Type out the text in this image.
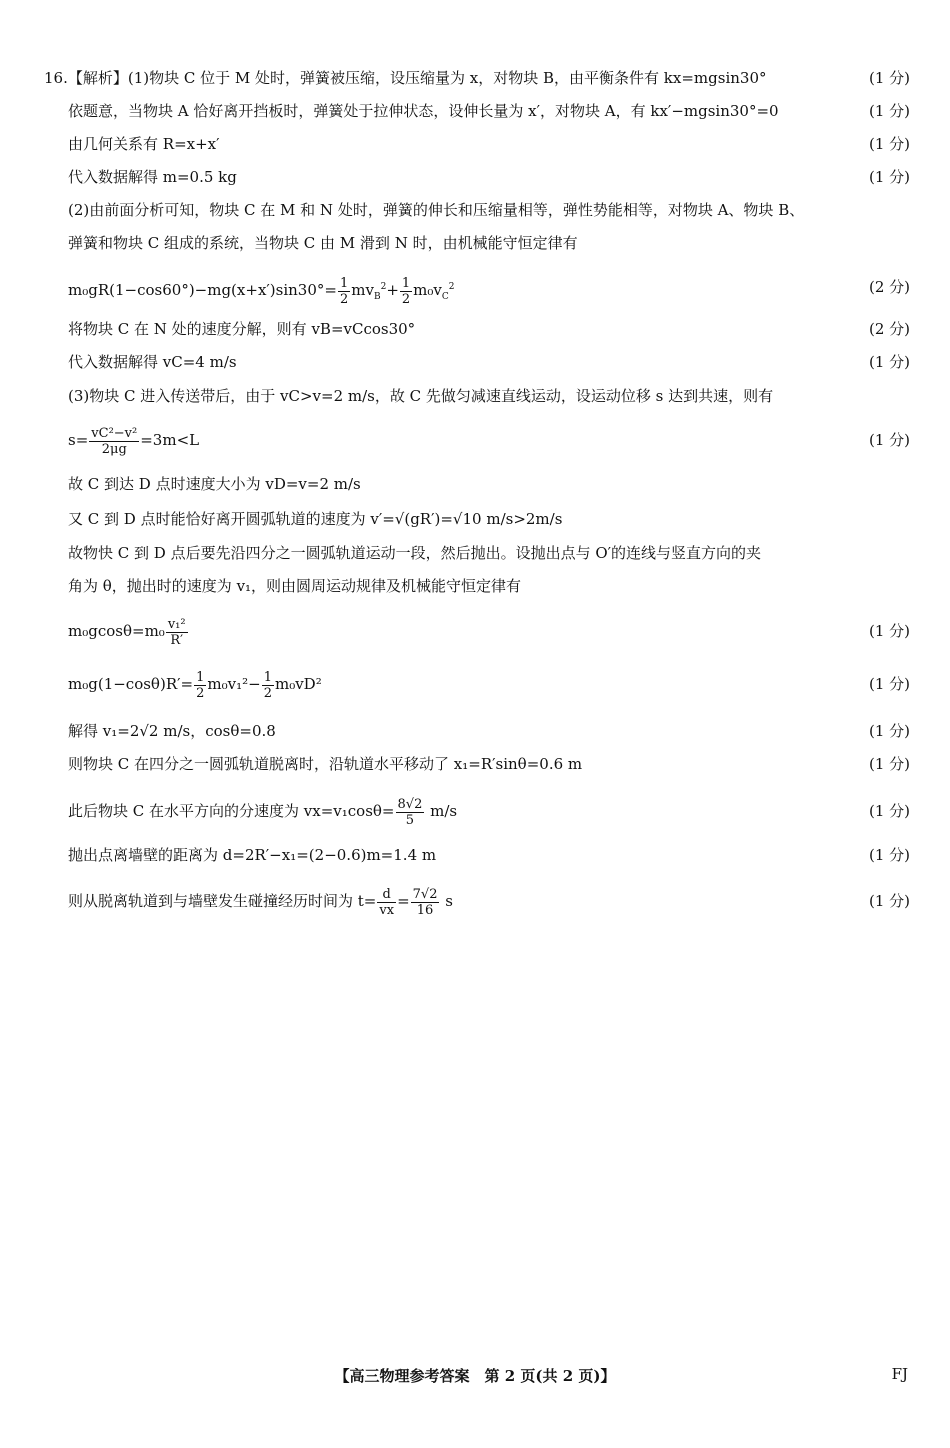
16.【解析】(1)物块 C 位于 M 处时，弹簧被压缩，设压缩量为 x，对物块 B，由平衡条件有 kx=mgsin30°	(1 分)
依题意，当物块 A 恰好离开挡板时，弹簧处于拉伸状态，设伸长量为 x′，对物块 A，有 kx′−mgsin30°=0	(1 分)
由几何关系有 R=x+x′	(1 分)
代入数据解得 m=0.5 kg	(1 分)
(2)由前面分析可知，物块 C 在 M 和 N 处时，弹簧的伸长和压缩量相等，弹性势能相等，对物块 A、物块 B、
弹簧和物块 C 组成的系统，当物块 C 由 M 滑到 N 时，由机械能守恒定律有
$m_0gR(1-\cos 60^\circ)-mg(x+x')\sin 30^\circ= \frac{1}{2} mv_B^2+ \frac{1}{2} m_0v_C^2$	(2 分)
将物块 C 在 N 处的速度分解，则有 vB=vCcos30°	(2 分)
代入数据解得 vC=4 m/s	(1 分)
(3)物块 C 进入传送带后，由于 vC>v=2 m/s，故 C 先做匀减速直线运动，设运动位移 s 达到共速，则有
$s= \frac{\text{vC²−v²}}{2\mu g} =3m<L$	(1 分)
故 C 到达 D 点时速度大小为 vD=v=2 m/s
又 C 到 D 点时能恰好离开圆弧轨道的速度为 v′=√(gR′)=√10 m/s>2m/s
故物快 C 到 D 点后要先沿四分之一圆弧轨道运动一段，然后抛出。设抛出点与 O′的连线与竖直方向的夹
角为 θ，抛出时的速度为 v₁，则由圆周运动规律及机械能守恒定律有
$m_0gcos\theta=m_0 \frac{\text{v₁²}}{R'}$	(1 分)
$m_0g(1-\cos\theta)R'= \frac{1}{2} m_0v_1^2- \frac{1}{2} m_0vD^2$	(1 分)
解得 v₁=2√2 m/s，cosθ=0.8	(1 分)
则物块 C 在四分之一圆弧轨道脱离时，沿轨道水平移动了 x₁=R′sinθ=0.6 m	(1 分)
此后物块 C 在水平方向的分速度为 $vx=v_1\cos\theta= \frac{8√2}{5} m/s$	(1 分)
抛出点离墙壁的距离为 d=2R′−x₁=(2−0.6)m=1.4 m	(1 分)
则从脱离轨道到与墙壁发生碰撞经历时间为 $t= \frac{d}{vx} = \frac{7√2}{16}$ s	(1 分)
【高三物理参考答案　第 2 页(共 2 页)】	FJ
